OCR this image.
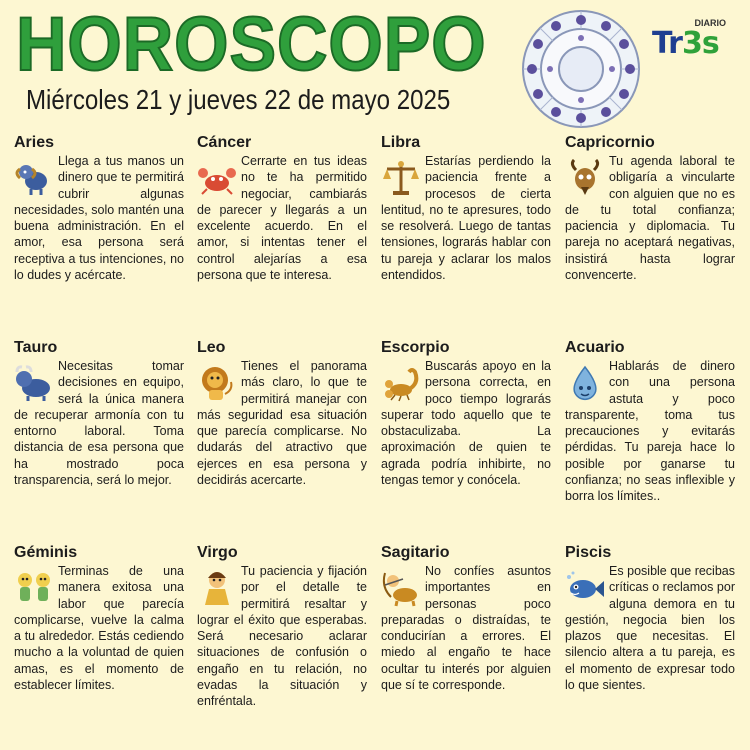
HOROSCOPO
Miércoles 21 y jueves 22 de mayo 2025
DIARIO
Tr3s
Aries

Llega a tus manos un dinero que te permitirá cubrir algunas necesidades, solo mantén una buena administración. En el amor, esa persona será receptiva a tus intenciones, no lo dudes y acércate.

Cáncer

Cerrarte en tus ideas no te ha permitido negociar, cambiarás de parecer y llegarás a un excelente acuerdo. En el amor, si intentas tener el control alejarías a esa persona que te interesa.

Libra

Estarías perdiendo la paciencia frente a procesos de cierta lentitud, no te apresures, todo se resolverá. Luego de tantas tensiones, lograrás hablar con tu pareja y aclarar los malos entendidos.

Capricornio

Tu agenda laboral te obligaría a vincularte con alguien que no es de tu total confianza; paciencia y diplomacia. Tu pareja no aceptará negativas, insistirá hasta lograr convencerte.

Tauro

Necesitas tomar decisiones en equipo, será la única manera de recuperar armonía con tu entorno laboral. Toma distancia de esa persona que ha mostrado poca transparencia, será lo mejor.

Leo

Tienes el panorama más claro, lo que te permitirá manejar con más seguridad esa situación que parecía complicarse. No dudarás del atractivo que ejerces en esa persona y decidirás acercarte.

Escorpio

Buscarás apoyo en la persona correcta, en poco tiempo lograrás superar todo aquello que te obstaculizaba. La aproximación de quien te agrada podría inhibirte, no tengas temor y conócela.

Acuario

Hablarás de dinero con una persona astuta y poco transparente, toma tus precauciones y evitarás pérdidas. Tu pareja hace lo posible por ganarse tu confianza; no seas inflexible y borra los límites..

Géminis

Terminas de una manera exitosa una labor que parecía complicarse, vuelve la calma a tu alrededor. Estás cediendo mucho a la voluntad de quien amas, es el momento de establecer límites.

Virgo

Tu paciencia y fijación por el detalle te permitirá resaltar y lograr el éxito que esperabas. Será necesario aclarar situaciones de confusión o engaño en tu relación, no evadas la situación y enfréntala.

Sagitario

No confíes asuntos importantes en personas poco preparadas o distraídas, te conducirían a errores. El miedo al engaño te hace ocultar tu interés por alguien que sí te corresponde.

Piscis

Es posible que recibas críticas o reclamos por alguna demora en tu gestión, negocia bien los plazos que necesitas. El silencio altera a tu pareja, es el momento de expresar todo lo que sientes.
